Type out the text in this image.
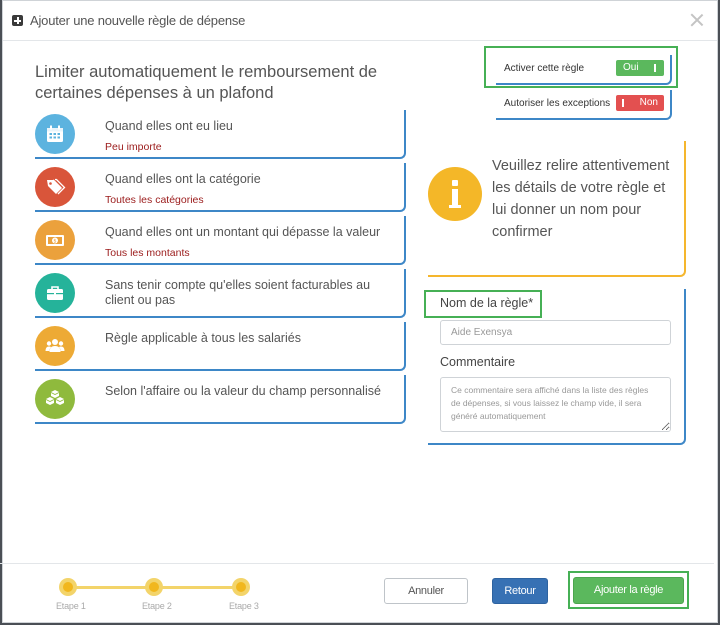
Ajouter une nouvelle règle de dépense
Limiter automatiquement le remboursement de certaines dépenses à un plafond
Quand elles ont eu lieu
Peu importe
Quand elles ont la catégorie
Toutes les catégories
$
Quand elles ont un montant qui dépasse la valeur
Tous les montants
Sans tenir compte qu'elles soient facturables au client ou pas
Règle applicable à tous les salariés
Selon l'affaire ou la valeur du champ personnalisé
Activer cette règle	Oui
Autoriser les exceptions	Non
Veuillez relire attentivement les détails de votre règle et lui donner un nom pour confirmer
Nom de la règle*
Aide Exensya
Commentaire
Ce commentaire sera affiché dans la liste des règles de dépenses, si vous laissez le champ vide, il sera généré automatiquement
Etape 1	Etape 2	Etape 3
Annuler	Retour	Ajouter la règle
